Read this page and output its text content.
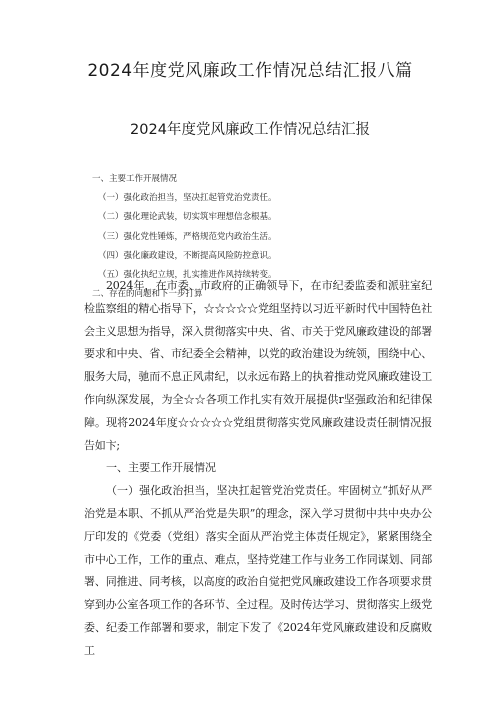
2024年度党风廉政工作情况总结汇报八篇
2024年度党风廉政工作情况总结汇报
一、主要工作开展情况
（一）强化政治担当，坚决扛起管党治党责任。
（二）强化理论武装，切实筑牢理想信念根基。
（三）强化党性锤炼，严格规范党内政治生活。
（四）强化廉政建设，不断提高风险防控意识。
（五）强化执纪立规，扎实推进作风持续转变。
二、存在的问题和下一步打算

2024年，在市委、市政府的正确领导下，在市纪委监委和派驻室纪检监察组的精心指导下，☆☆☆☆☆党组坚持以习近平新时代中国特色社会主义思想为指导，深入贯彻落实中央、省、市关于党风廉政建设的部署要求和中央、省、市纪委全会精神，以党的政治建设为统领，围绕中心、服务大局，驰而不息正风肃纪，以永远布路上的执着推动党风廉政建设工作向纵深发展，为全☆☆各项工作扎实有效开展提供r坚强政治和纪律保障。现将2024年度☆☆☆☆☆党组贯彻落实党风廉政建设责任制情况报告如卞;

一、主要工作开展情况

（一）强化政治担当，坚决扛起管党治党责任。牢固树立“抓好从严治党是本职、不抓从严治党是失职”的理念，深入学习贯彻中共中央办公厅印发的《党委（党组）落实全面从严治党主体责任规定》，紧紧围绕全市中心工作，工作的重点、难点，坚持党建工作与业务工作同谋划、同部署、同推进、同考核，以高度的政治自觉把党风廉政建设工作各项要求贯穿到办公室各项工作的各环节、全过程。及时传达学习、贯彻落实上级党委、纪委工作部署和要求，制定下发了《2024年党风廉政建设和反腐败工
